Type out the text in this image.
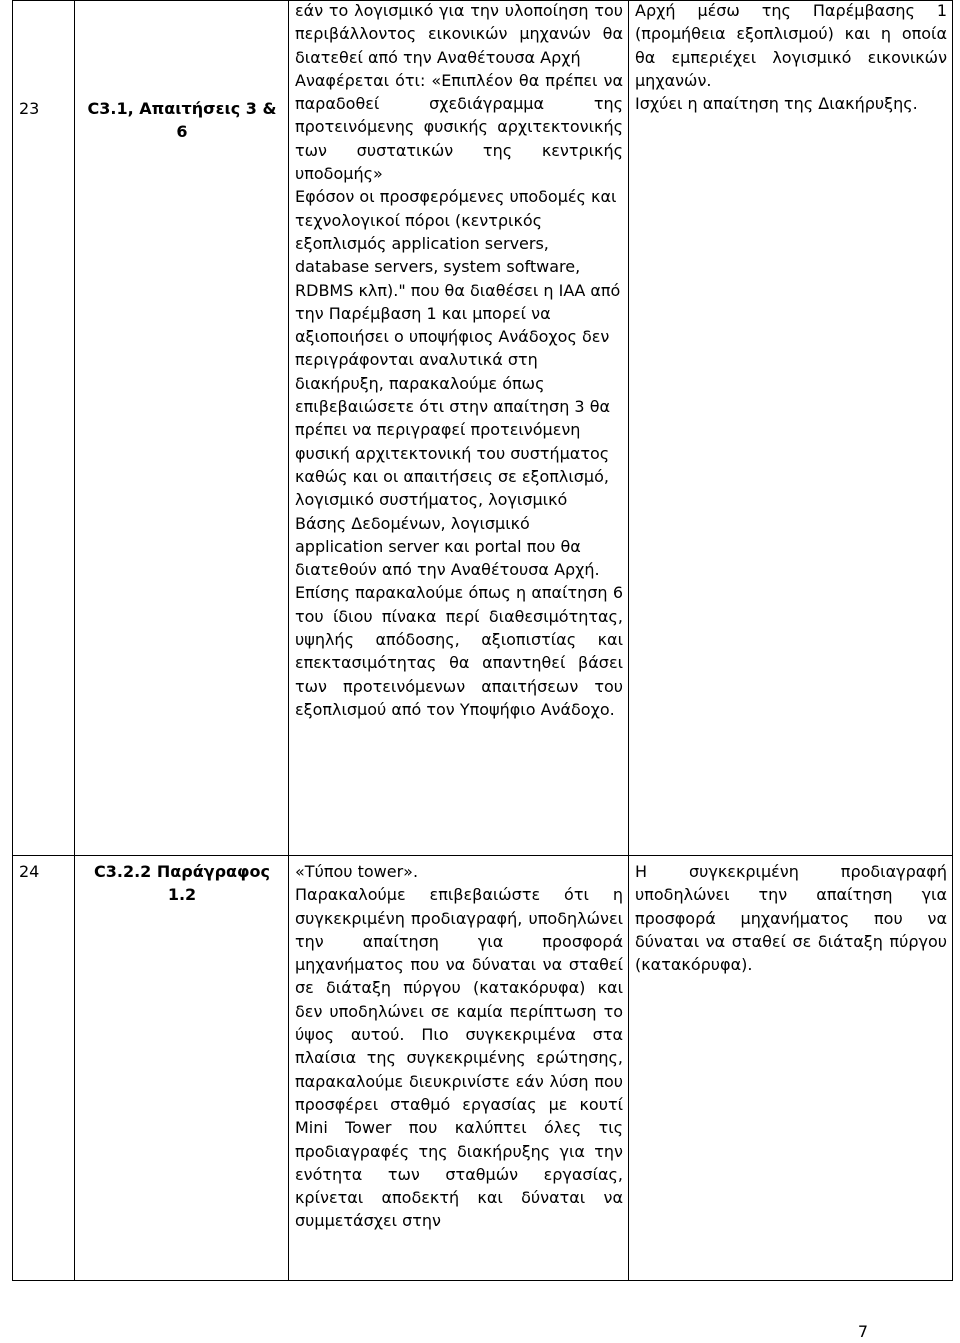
23	C3.1, Απαιτήσεις 3 & 6	εάν το λογισμικό για την υλοποίηση του περιβάλλοντος εικονικών μηχανών θα διατεθεί από την Αναθέτουσα Αρχή
Αναφέρεται ότι: «Επιπλέον θα πρέπει να παραδοθεί σχεδιάγραμμα της προτεινόμενης φυσικής αρχιτεκτονικής των συστατικών της κεντρικής υποδομής»
Εφόσον οι προσφερόμενες υποδομές και τεχνολογικοί πόροι (κεντρικός εξοπλισμός application servers, database servers, system software, RDBMS κλπ)." που θα διαθέσει η ΙΑΑ από την Παρέμβαση 1 και μπορεί να αξιοποιήσει ο υποψήφιος Ανάδοχος δεν περιγράφονται αναλυτικά στη διακήρυξη, παρακαλούμε όπως επιβεβαιώσετε ότι στην απαίτηση 3 θα πρέπει να περιγραφεί προτεινόμενη φυσική αρχιτεκτονική του συστήματος καθώς και οι απαιτήσεις σε εξοπλισμό, λογισμικό συστήματος, λογισμικό Βάσης Δεδομένων, λογισμικό application server και portal που θα διατεθούν από την Αναθέτουσα Αρχή.
Επίσης παρακαλούμε όπως η απαίτηση 6 του ίδιου πίνακα περί διαθεσιμότητας, υψηλής απόδοσης, αξιοπιστίας και επεκτασιμότητας θα απαντηθεί βάσει των προτεινόμενων απαιτήσεων του εξοπλισμού από τον Υποψήφιο Ανάδοχο.	Αρχή μέσω της Παρέμβασης 1 (προμήθεια εξοπλισμού) και η οποία θα εμπεριέχει λογισμικό εικονικών μηχανών.
Ισχύει η απαίτηση της Διακήρυξης.

24	C3.2.2 Παράγραφος 1.2	«Τύπου tower».
Παρακαλούμε επιβεβαιώστε ότι η συγκεκριμένη προδιαγραφή, υποδηλώνει την απαίτηση για προσφορά μηχανήματος που να δύναται να σταθεί σε διάταξη πύργου (κατακόρυφα) και δεν υποδηλώνει σε καμία περίπτωση το ύψος αυτού. Πιο συγκεκριμένα στα πλαίσια της συγκεκριμένης ερώτησης, παρακαλούμε διευκρινίστε εάν λύση που προσφέρει σταθμό εργασίας με κουτί Mini Tower που καλύπτει όλες τις προδιαγραφές της διακήρυξης για την ενότητα των σταθμών εργασίας, κρίνεται αποδεκτή και δύναται να συμμετάσχει στην	Η συγκεκριμένη προδιαγραφή υποδηλώνει την απαίτηση για προσφορά μηχανήματος που να δύναται να σταθεί σε διάταξη πύργου (κατακόρυφα).
7
